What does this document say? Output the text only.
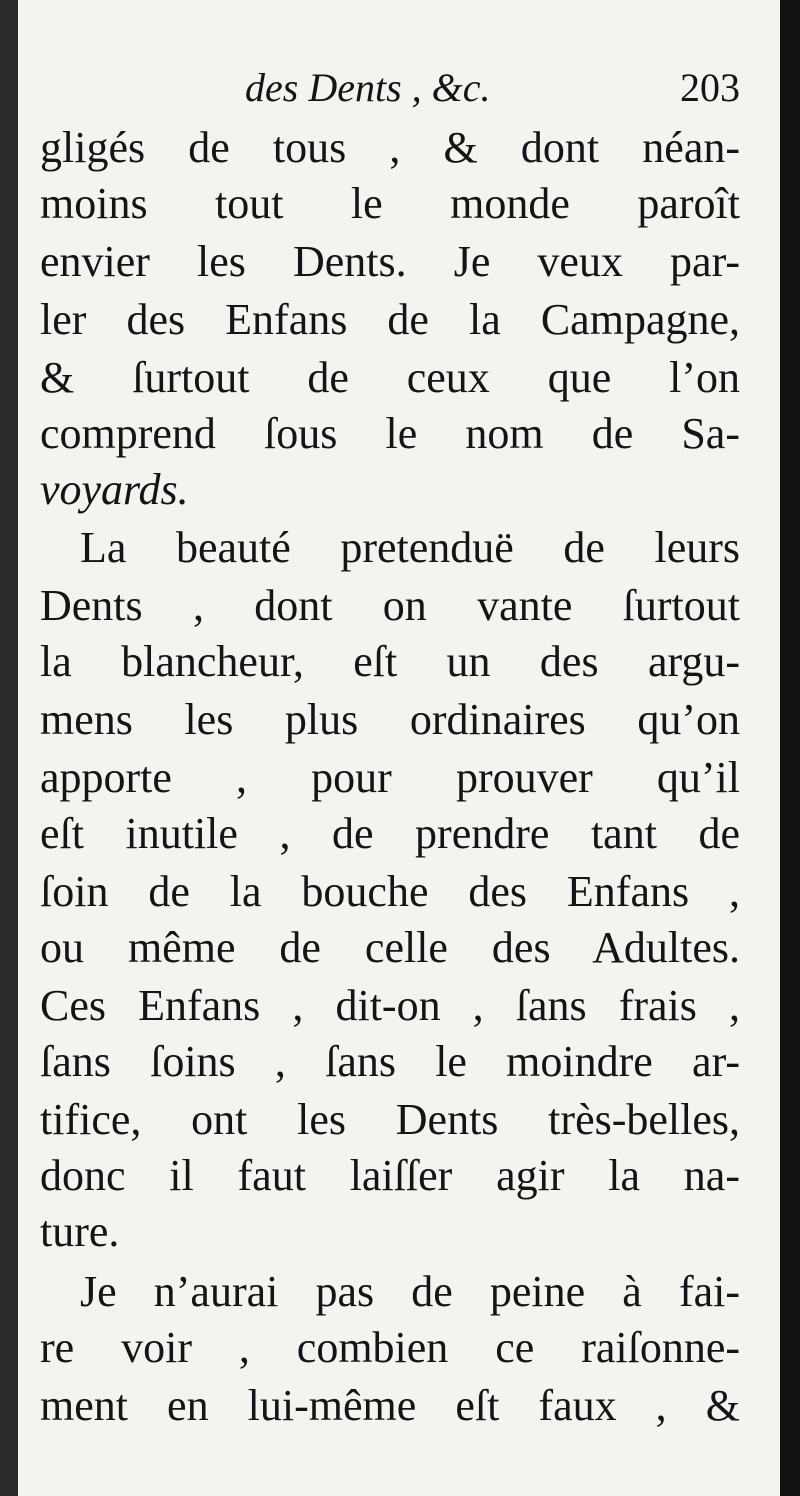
des Dents , &c.	203
gligés de tous , & dont néan-
moins tout le monde paroît
envier les Dents. Je veux par-
ler des Enfans de la Campagne,
& ſurtout de ceux que l’on
comprend ſous le nom de Sa-
voyards.
La beauté pretenduë de leurs
Dents , dont on vante ſurtout
la blancheur, eſt un des argu-
mens les plus ordinaires qu’on
apporte , pour prouver qu’il
eſt inutile , de prendre tant de
ſoin de la bouche des Enfans ,
ou même de celle des Adultes.
Ces Enfans , dit-on , ſans frais ,
ſans ſoins , ſans le moindre ar-
tifice, ont les Dents très-belles,
donc il faut laiſſer agir la na-
ture.
Je n’aurai pas de peine à fai-
re voir , combien ce raiſonne-
ment en lui-même eſt faux , &
